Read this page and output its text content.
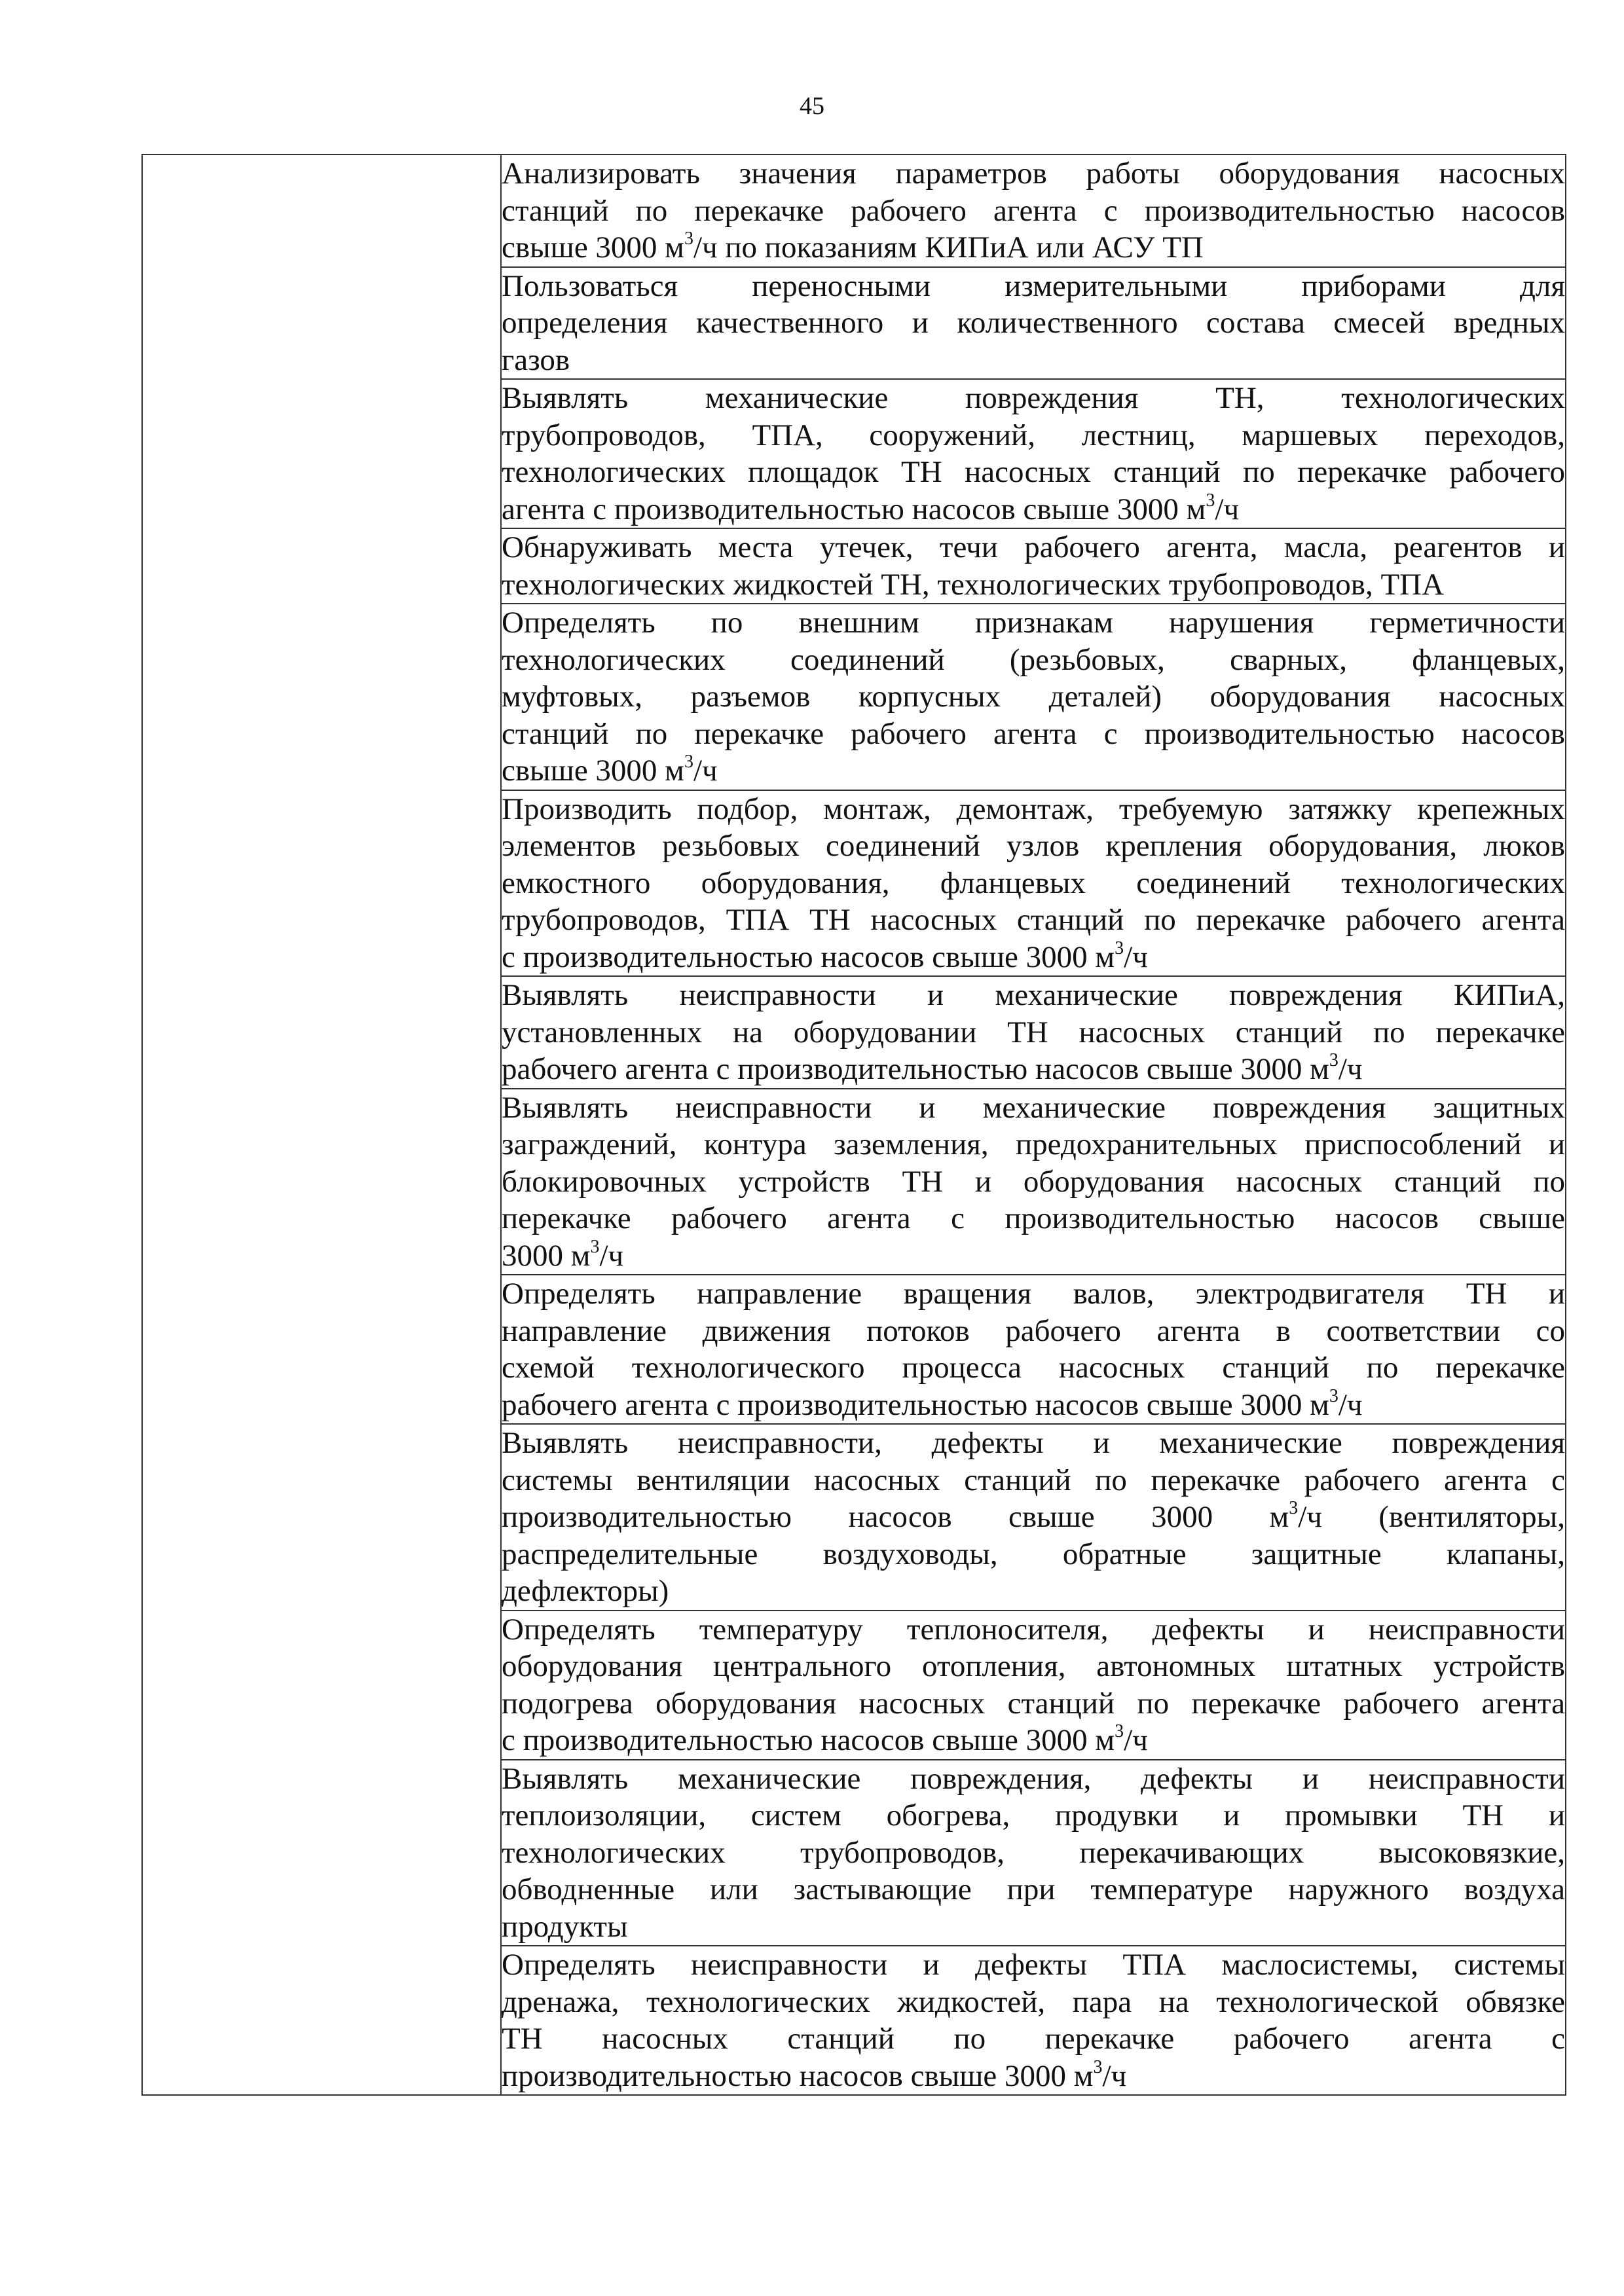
45

Анализировать значения параметров работы оборудования насосных
станций по перекачке рабочего агента с производительностью насосов
свыше 3000 $м^3/ч$ по показаниям КИПиА или АСУ ТП

Пользоваться переносными измерительными приборами для
определения качественного и количественного состава смесей вредных
газов

Выявлять механические повреждения ТН, технологических
трубопроводов, ТПА, сооружений, лестниц, маршевых переходов,
технологических площадок ТН насосных станций по перекачке рабочего
агента с производительностью насосов свыше 3000 $м^3/ч$

Обнаруживать места утечек, течи рабочего агента, масла, реагентов и
технологических жидкостей ТН, технологических трубопроводов, ТПА

Определять по внешним признакам нарушения герметичности
технологических соединений (резьбовых, сварных, фланцевых,
муфтовых, разъемов корпусных деталей) оборудования насосных
станций по перекачке рабочего агента с производительностью насосов
свыше 3000 $м^3/ч$

Производить подбор, монтаж, демонтаж, требуемую затяжку крепежных
элементов резьбовых соединений узлов крепления оборудования, люков
емкостного оборудования, фланцевых соединений технологических
трубопроводов, ТПА ТН насосных станций по перекачке рабочего агента
с производительностью насосов свыше 3000 $м^3/ч$

Выявлять неисправности и механические повреждения КИПиА,
установленных на оборудовании ТН насосных станций по перекачке
рабочего агента с производительностью насосов свыше 3000 $м^3/ч$

Выявлять неисправности и механические повреждения защитных
заграждений, контура заземления, предохранительных приспособлений и
блокировочных устройств ТН и оборудования насосных станций по
перекачке рабочего агента с производительностью насосов свыше
3000 $м^3/ч$

Определять направление вращения валов, электродвигателя ТН и
направление движения потоков рабочего агента в соответствии со
схемой технологического процесса насосных станций по перекачке
рабочего агента с производительностью насосов свыше 3000 $м^3/ч$

Выявлять неисправности, дефекты и механические повреждения
системы вентиляции насосных станций по перекачке рабочего агента с
производительностью насосов свыше 3000 $м^3/ч$ (вентиляторы,
распределительные воздуховоды, обратные защитные клапаны,
дефлекторы)

Определять температуру теплоносителя, дефекты и неисправности
оборудования центрального отопления, автономных штатных устройств
подогрева оборудования насосных станций по перекачке рабочего агента
с производительностью насосов свыше 3000 $м^3/ч$

Выявлять механические повреждения, дефекты и неисправности
теплоизоляции, систем обогрева, продувки и промывки ТН и
технологических трубопроводов, перекачивающих высоковязкие,
обводненные или застывающие при температуре наружного воздуха
продукты

Определять неисправности и дефекты ТПА маслосистемы, системы
дренажа, технологических жидкостей, пара на технологической обвязке
ТН насосных станций по перекачке рабочего агента с
производительностью насосов свыше 3000 $м^3/ч$
